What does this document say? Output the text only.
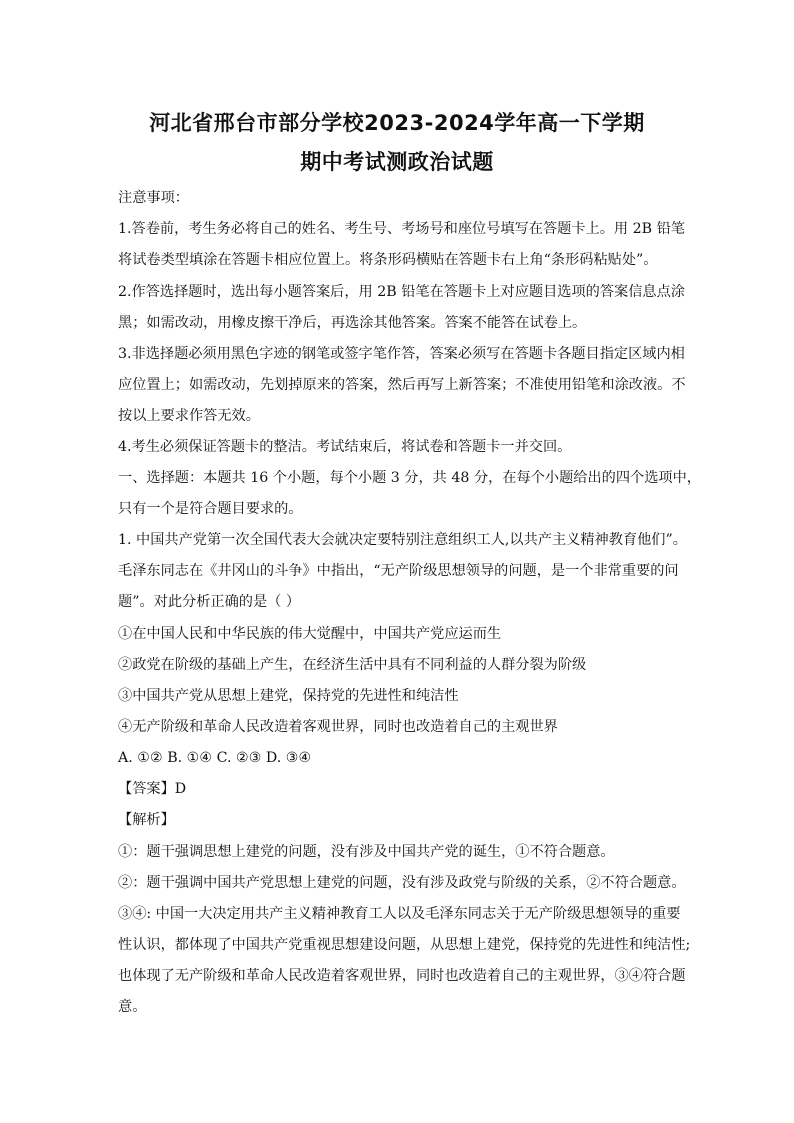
河北省邢台市部分学校2023-2024学年高一下学期
期中考试测政治试题
注意事项：
1.答卷前，考生务必将自己的姓名、考生号、考场号和座位号填写在答题卡上。用 2B 铅笔
将试卷类型填涂在答题卡相应位置上。将条形码横贴在答题卡右上角“条形码粘贴处”。
2.作答选择题时，选出每小题答案后，用 2B 铅笔在答题卡上对应题目选项的答案信息点涂
黑；如需改动，用橡皮擦干净后，再选涂其他答案。答案不能答在试卷上。
3.非选择题必须用黑色字迹的钢笔或签字笔作答，答案必须写在答题卡各题目指定区域内相
应位置上；如需改动，先划掉原来的答案，然后再写上新答案；不准使用铅笔和涂改液。不
按以上要求作答无效。
4.考生必须保证答题卡的整洁。考试结束后，将试卷和答题卡一并交回。
一、选择题：本题共 16 个小题，每个小题 3 分，共 48 分，在每个小题给出的四个选项中，
只有一个是符合题目要求的。
1. 中国共产党第一次全国代表大会就决定要特别注意组织工人,以共产主义精神教育他们”。
毛泽东同志在《井冈山的斗争》中指出，“无产阶级思想领导的问题，是一个非常重要的问
题”。对此分析正确的是（ ）
①在中国人民和中华民族的伟大觉醒中，中国共产党应运而生
②政党在阶级的基础上产生，在经济生活中具有不同利益的人群分裂为阶级
③中国共产党从思想上建党，保持党的先进性和纯洁性
④无产阶级和革命人民改造着客观世界，同时也改造着自己的主观世界
A. ①② B. ①④ C. ②③ D. ③④
【答案】D
【解析】
①：题干强调思想上建党的问题，没有涉及中国共产党的诞生，①不符合题意。
②：题干强调中国共产党思想上建党的问题，没有涉及政党与阶级的关系，②不符合题意。
③④: 中国一大决定用共产主义精神教育工人以及毛泽东同志关于无产阶级思想领导的重要
性认识，都体现了中国共产党重视思想建设问题，从思想上建党，保持党的先进性和纯洁性;
也体现了无产阶级和革命人民改造着客观世界，同时也改造着自己的主观世界，③④符合题
意。
